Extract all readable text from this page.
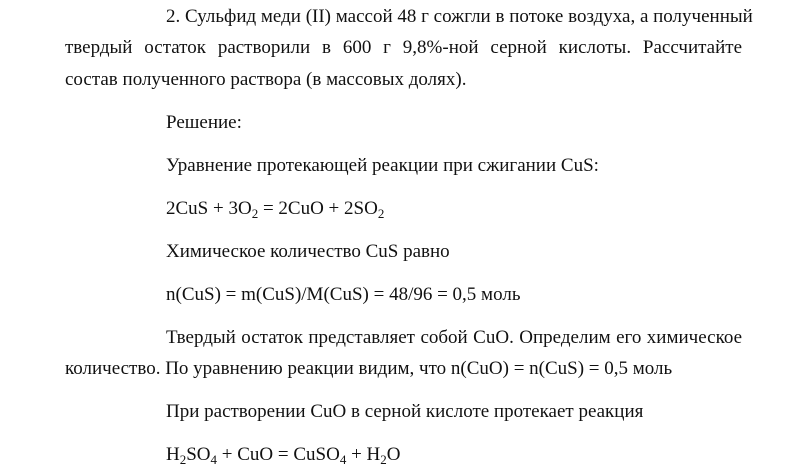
2. Сульфид меди (II) массой 48 г сожгли в потоке воздуха, а полученный
твердый остаток растворили в 600 г 9,8%-ной серной кислоты. Рассчитайте
состав полученного раствора (в массовых долях).
Решение:
Уравнение протекающей реакции при сжигании CuS:
$2CuS + 3O_2 = 2CuO + 2SO_2$
Химическое количество CuS равно
n(CuS) = m(CuS)/M(CuS) = 48/96 = 0,5 моль
Твердый остаток представляет собой CuO. Определим его химическое
количество. По уравнению реакции видим, что n(CuO) = n(CuS) = 0,5 моль
При растворении CuO в серной кислоте протекает реакция
$H_2SO_4$ + CuO = CuSO$_4$ + $H_2O$
